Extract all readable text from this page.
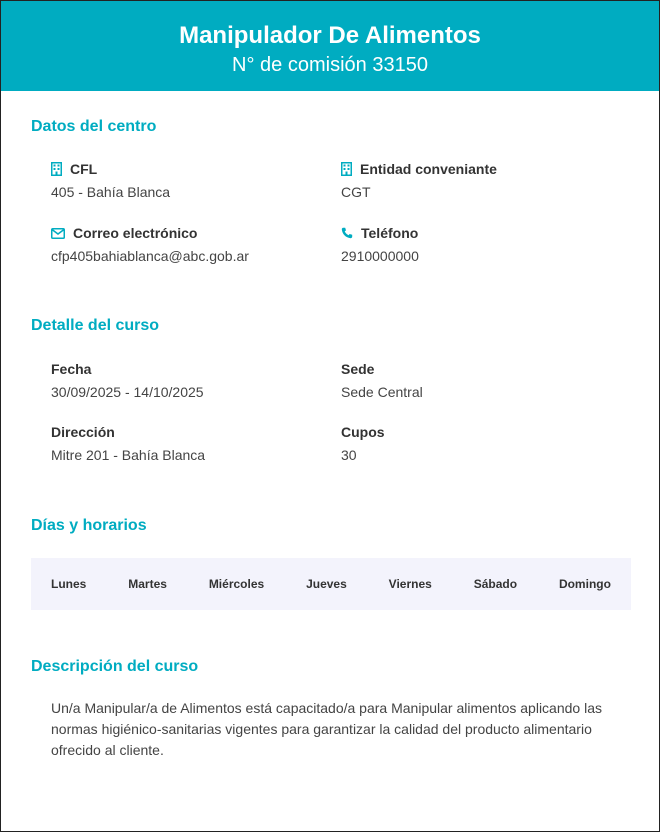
Manipulador De Alimentos
N° de comisión 33150
Datos del centro
CFL
405 - Bahía Blanca
Entidad conveniante
CGT
Correo electrónico
cfp405bahiablanca@abc.gob.ar
Teléfono
2910000000
Detalle del curso
Fecha
30/09/2025 - 14/10/2025
Sede
Sede Central
Dirección
Mitre 201 - Bahía Blanca
Cupos
30
Días y horarios
Lunes	Martes	Miércoles	Jueves	Viernes	Sábado	Domingo
Descripción del curso
Un/a Manipular/a de Alimentos está capacitado/a para Manipular alimentos aplicando las normas higiénico-sanitarias vigentes para garantizar la calidad del producto alimentario ofrecido al cliente.
